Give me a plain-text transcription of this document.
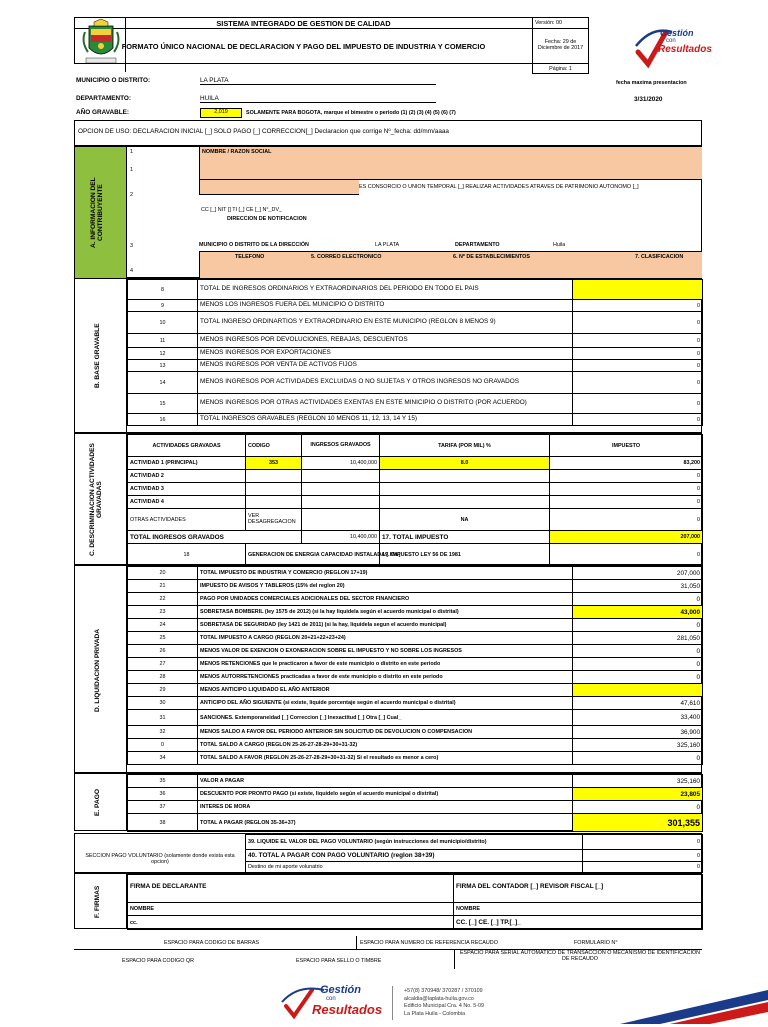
SISTEMA INTEGRADO DE GESTION DE CALIDAD	Versión: 00	
FORMATO ÚNICO NACIONAL DE DECLARACION Y PAGO DEL IMPUESTO DE INDUSTRIA Y COMERCIO	Fecha: 29 de Diciembre de 2017	
	Página: 1	
Gestión
con
Resultados
MUNICIPIO O DISTRITO:	LA PLATA	fecha maxima presentacion
DEPARTAMENTO:	HUILA	3/31/2020
AÑO GRAVABLE:	2,019	SOLAMENTE PARA BOGOTA, marque el bimestre o periodo (1) (2) (3) (4) (5) (6) (7)
OPCION DE USO: DECLARACION INICIAL [_] SOLO PAGO [_] CORRECCION[_] Declaracion que corrige Nº_fecha: dd/mm/aaaa
A. INFORMACION DEL CONTRIBUYENTE
1
1
NOMBRE / RAZON SOCIAL
2
CC [_] NIT [] TI [_] CE [_] N°_DV_
ES CONSORCIO O UNION TEMPORAL [_] REALIZAR ACTIVIDADES ATRAVES DE PATRIMONIO AUTONOMO [_]
DIRECCION DE NOTIFICACION
3	MUNICIPIO O DISTRITO DE LA DIRECCIÓN	LA PLATA	DEPARTAMENTO	Huila
4
TELEFONO	5. CORREO ELECTRONICO	6. Nº DE ESTABLECIMIENTOS	7. CLASIFICACION
B. BASE GRAVABLE
8	TOTAL DE INGRESOS ORDINARIOS Y EXTRAORDINARIOS DEL PERIODO EN TODO EL PAIS	
9	MENOS LOS INGRESOS FUERA DEL MUNICIPIO O DISTRITO	0
10	TOTAL INGRESO ORDINARTIOS Y EXTRAORDINARIO EN ESTE MUNICIPIO (REGLON 8 MENOS 9)	0
11	MENOS INGRESOS POR DEVOLUCIONES, REBAJAS, DESCUENTOS	0
12	MENOS INGRESOS POR EXPORTACIONES	0
13	MENOS INGRESOS POR VENTA DE ACTIVOS FIJOS	0
14	MENOS INGRESOS POR ACTIVIDADES EXCLUIDAS O NO SUJETAS Y OTROS INGRESOS NO GRAVADOS	0
15	MENOS INGRESOS POR OTRAS ACTIVIDADES EXENTAS EN ESTE MINICIPIO O DISTRITO (POR ACUERDO)	0
16	TOTAL INGRESOS GRAVABLES (REGLON 10 MENOS 11, 12, 13, 14 Y 15)	0
C. DESCRIMINACION ACTIVIDADES GRAVADAS
ACTIVIDADES GRAVADAS	CODIGO	INGRESOS GRAVADOS	TARIFA (POR MIL) %	IMPUESTO
ACTIVIDAD 1 (PRINCIPAL)	353	10,400,000	8.0	83,200
ACTIVIDAD 2				0
ACTIVIDAD 3				0
ACTIVIDAD 4				0
OTRAS ACTIVIDADES	VER DESAGREGACION		NA	0
TOTAL INGRESOS GRAVADOS		10,400,000	17. TOTAL IMPUESTO	207,000
18	GENERACION DE ENERGIA CAPACIDAD INSTALADA [ KW]		19. IMPUESTO LEY 56 DE 1981	0
D. LIQUIDACION PRIVADA
20	TOTAL IMPUESTO DE INDUSTRIA Y COMERCIO (REGLON 17+19)	207,000
21	IMPUESTO DE AVISOS Y TABLEROS (15% del reglon 20)	31,050
22	PAGO POR UNIDADES COMERCIALES ADICIONALES DEL SECTOR FINANCIERO	0
23	SOBRETASA BOMBERIL (ley 1575 de 2012) (si la hay liquidela según el acuerdo municipal o distrital)	43,000
24	SOBRETASA DE SEGURIDAD (ley 1421 de 2011) (si la hay, liquidela segun el acuerdo municipal)	0
25	TOTAL IMPUESTO A CARGO (REGLON 20+21+22+23+24)	281,050
26	MENOS VALOR DE EXENCION O EXONERACION SOBRE EL IMPUESTO Y NO SOBRE LOS INGRESOS	0
27	MENOS RETENCIONES que le practicaron a favor de este municipio o distrito en este periodo	0
28	MENOS AUTORRETENCIONES practicadas a favor de este municipio o distrito en este periodo	0
29	MENOS ANTICIPO LIQUIDADO EL AÑO ANTERIOR	
30	ANTICIPO DEL AÑO SIGUIENTE (si existe, liquide porcentaje según el acuerdo municipal o distrital)	47,610
31	SANCIONES. Extemporaneidad [_] Correccion [_] Inexactitud [_] Otra [_] Cual_	33,400
32	MENOS SALDO A FAVOR DEL PERIODO ANTERIOR SIN SOLICITUD DE DEVOLUCION O COMPENSACION	36,900
0	TOTAL SALDO A CARGO (REGLON 25-26-27-28-29+30+31-32)	325,160
34	TOTAL SALDO A FAVOR (REGLON 25-26-27-28-29+30+31-32) Si el resultado es menor a cero)	0
E. PAGO
35	VALOR A PAGAR	325,160
36	DESCUENTO POR PRONTO PAGO (si existe, liquidelo según el acuerdo municipal o distrital)	23,805
37	INTERES DE MORA	0
38	TOTAL A PAGAR (REGLON 35-36+37)	301,355
SECCION PAGO VOLUNTARIO (solamente donde exista esta opcion)
39. LIQUIDE EL VALOR DEL PAGO VOLUNTARIO (según instrucciones del municipio/distrito)	0
40. TOTAL A PAGAR CON PAGO VOLUNTARIO (reglon 38+39)	0
Destino de mi aporte volunatrio	0
F. FIRMAS	FIRMA DE DECLARANTE	FIRMA DEL CONTADOR [_] REVISOR FISCAL [_]
NOMBRE	NOMBRE
cc.	CC. [_] CE. [_] TP.[_]_
ESPACIO PARA CODIGO DE BARRAS	ESPACIO PARA NUMERO DE REFERENCIA RECAUDO	FORMULARIO N°
ESPACIO PARA CODIGO QR	ESPACIO PARA SELLO O TIMBRE
ESPACIO PARA SERIAL AUTOMATICO DE TRANSACCION O MECANISMO DE IDENTIFICACION DE RECAUDO
Gestión
con
Resultados
+57(8) 370948/ 370287 / 370109
alcaldia@laplata-huila.gov.co
Edificio Municipal Cra. 4 No. 5-09
La Plata Huila - Colombia
